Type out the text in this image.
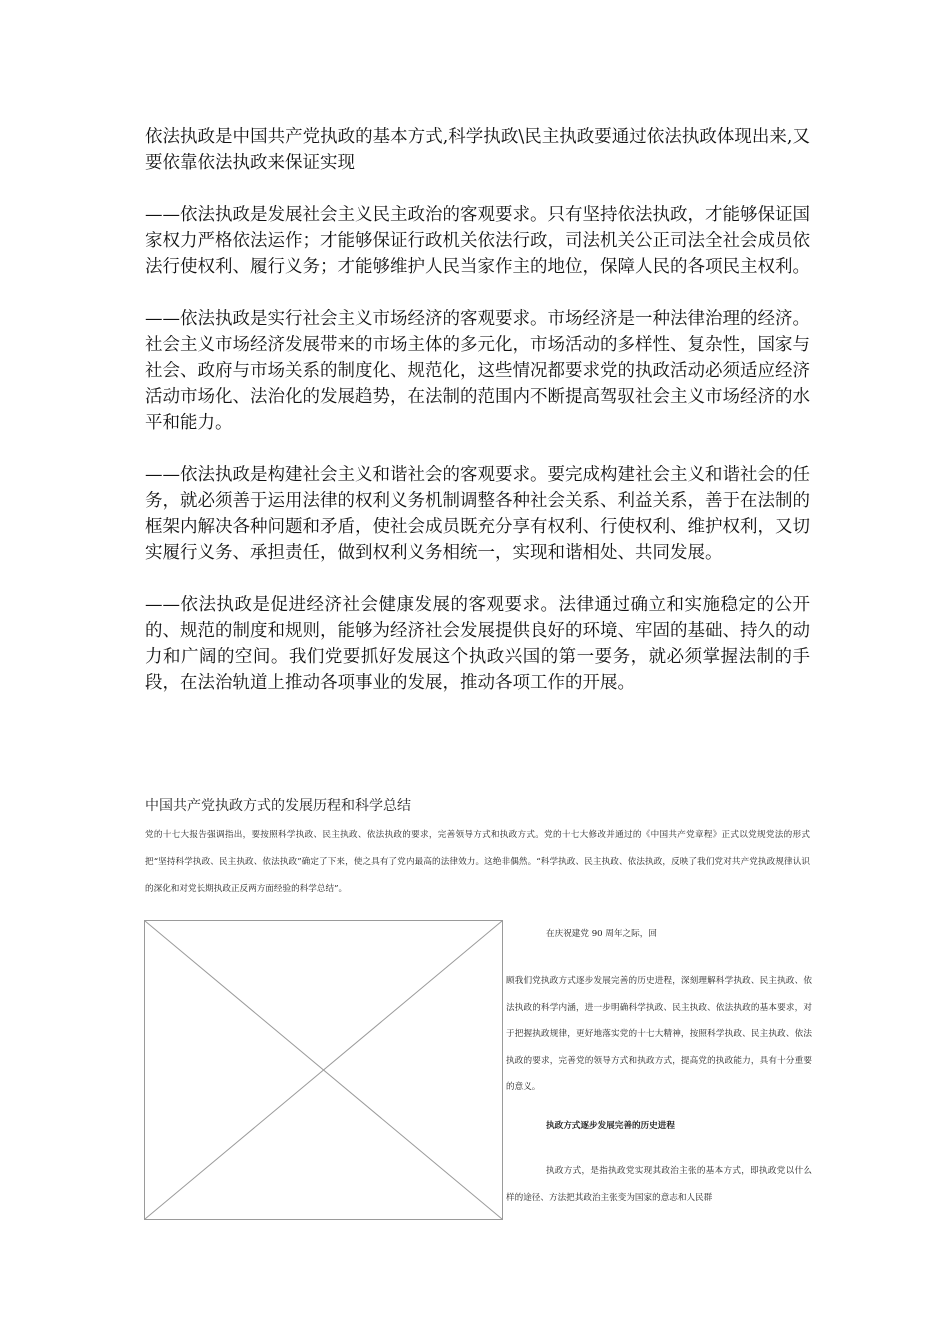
依法执政是中国共产党执政的基本方式,科学执政\民主执政要通过依法执政体现出来,又要依靠依法执政来保证实现

——依法执政是发展社会主义民主政治的客观要求。只有坚持依法执政，才能够保证国家权力严格依法运作；才能够保证行政机关依法行政，司法机关公正司法全社会成员依法行使权利、履行义务；才能够维护人民当家作主的地位，保障人民的各项民主权利。

——依法执政是实行社会主义市场经济的客观要求。市场经济是一种法律治理的经济。社会主义市场经济发展带来的市场主体的多元化，市场活动的多样性、复杂性，国家与社会、政府与市场关系的制度化、规范化，这些情况都要求党的执政活动必须适应经济活动市场化、法治化的发展趋势，在法制的范围内不断提高驾驭社会主义市场经济的水平和能力。

——依法执政是构建社会主义和谐社会的客观要求。要完成构建社会主义和谐社会的任务，就必须善于运用法律的权利义务机制调整各种社会关系、利益关系，善于在法制的框架内解决各种问题和矛盾，使社会成员既充分享有权利、行使权利、维护权利，又切实履行义务、承担责任，做到权利义务相统一，实现和谐相处、共同发展。

——依法执政是促进经济社会健康发展的客观要求。法律通过确立和实施稳定的公开的、规范的制度和规则，能够为经济社会发展提供良好的环境、牢固的基础、持久的动力和广阔的空间。我们党要抓好发展这个执政兴国的第一要务，就必须掌握法制的手段，在法治轨道上推动各项事业的发展，推动各项工作的开展。

中国共产党执政方式的发展历程和科学总结
党的十七大报告强调指出，要按照科学执政、民主执政、依法执政的要求，完善领导方式和执政方式。党的十七大修改并通过的《中国共产党章程》正式以党规党法的形式把“坚持科学执政、民主执政、依法执政”确定了下来，使之具有了党内最高的法律效力。这绝非偶然。“科学执政、民主执政、依法执政，反映了我们党对共产党执政规律认识的深化和对党长期执政正反两方面经验的科学总结”。
在庆祝建党 90 周年之际，回
顾我们党执政方式逐步发展完善的历史进程，深刻理解科学执政、民主执政、依法执政的科学内涵，进一步明确科学执政、民主执政、依法执政的基本要求，对于把握执政规律，更好地落实党的十七大精神，按照科学执政、民主执政、依法执政的要求，完善党的领导方式和执政方式，提高党的执政能力，具有十分重要的意义。
执政方式逐步发展完善的历史进程
执政方式，是指执政党实现其政治主张的基本方式，即执政党以什么样的途径、方法把其政治主张变为国家的意志和人民群
